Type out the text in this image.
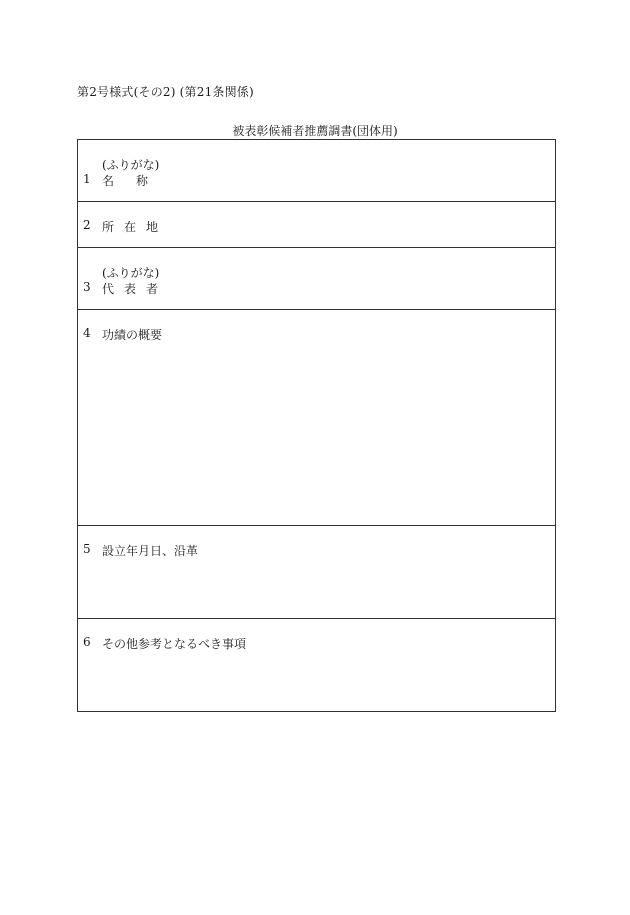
第2号様式(その2) (第21条関係)
被表彰候補者推薦調書(団体用)
(ふりがな)
1 名称
2 所在地
(ふりがな)
3 代表者
4 功績の概要
5 設立年月日、沿革
6 その他参考となるべき事項
